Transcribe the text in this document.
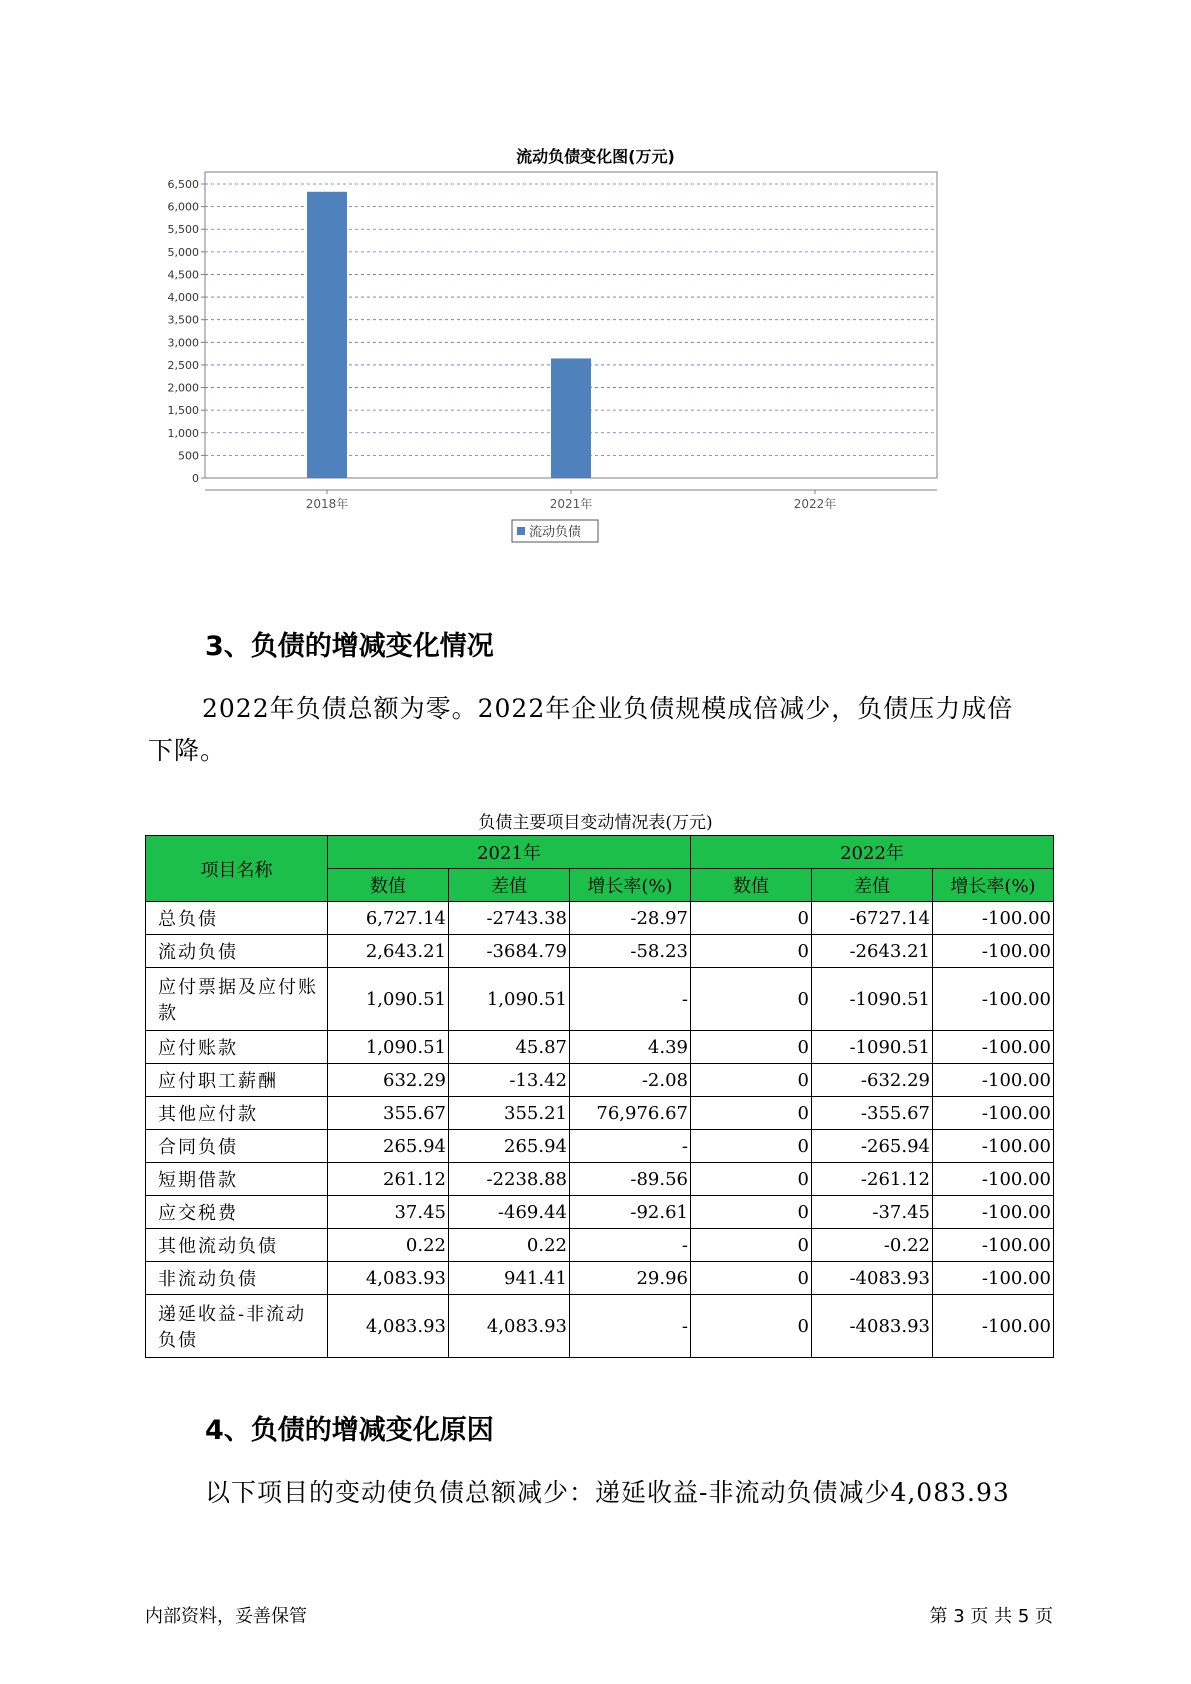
流动负债变化图(万元)
0
500
1,000
1,500
2,000
2,500
3,000
3,500
4,000
4,500
5,000
5,500
6,000
6,500
2018年	2021年	2022年
流动负债
3、负债的增减变化情况
2022年负债总额为零。2022年企业负债规模成倍减少，负债压力成倍
下降。
负债主要项目变动情况表(万元)
项目名称	2021年			2022年		
	数值	差值	增长率(%)	数值	差值	增长率(%)
总负债	6,727.14	-2743.38	-28.97	0	-6727.14	-100.00
流动负债	2,643.21	-3684.79	-58.23	0	-2643.21	-100.00
应付票据及应付账款	1,090.51	1,090.51	-	0	-1090.51	-100.00
应付账款	1,090.51	45.87	4.39	0	-1090.51	-100.00
应付职工薪酬	632.29	-13.42	-2.08	0	-632.29	-100.00
其他应付款	355.67	355.21	76,976.67	0	-355.67	-100.00
合同负债	265.94	265.94	-	0	-265.94	-100.00
短期借款	261.12	-2238.88	-89.56	0	-261.12	-100.00
应交税费	37.45	-469.44	-92.61	0	-37.45	-100.00
其他流动负债	0.22	0.22	-	0	-0.22	-100.00
非流动负债	4,083.93	941.41	29.96	0	-4083.93	-100.00
递延收益-非流动负债	4,083.93	4,083.93	-	0	-4083.93	-100.00
4、负债的增减变化原因
以下项目的变动使负债总额减少：递延收益-非流动负债减少4,083.93
内部资料，妥善保管	第 3 页 共 5 页
